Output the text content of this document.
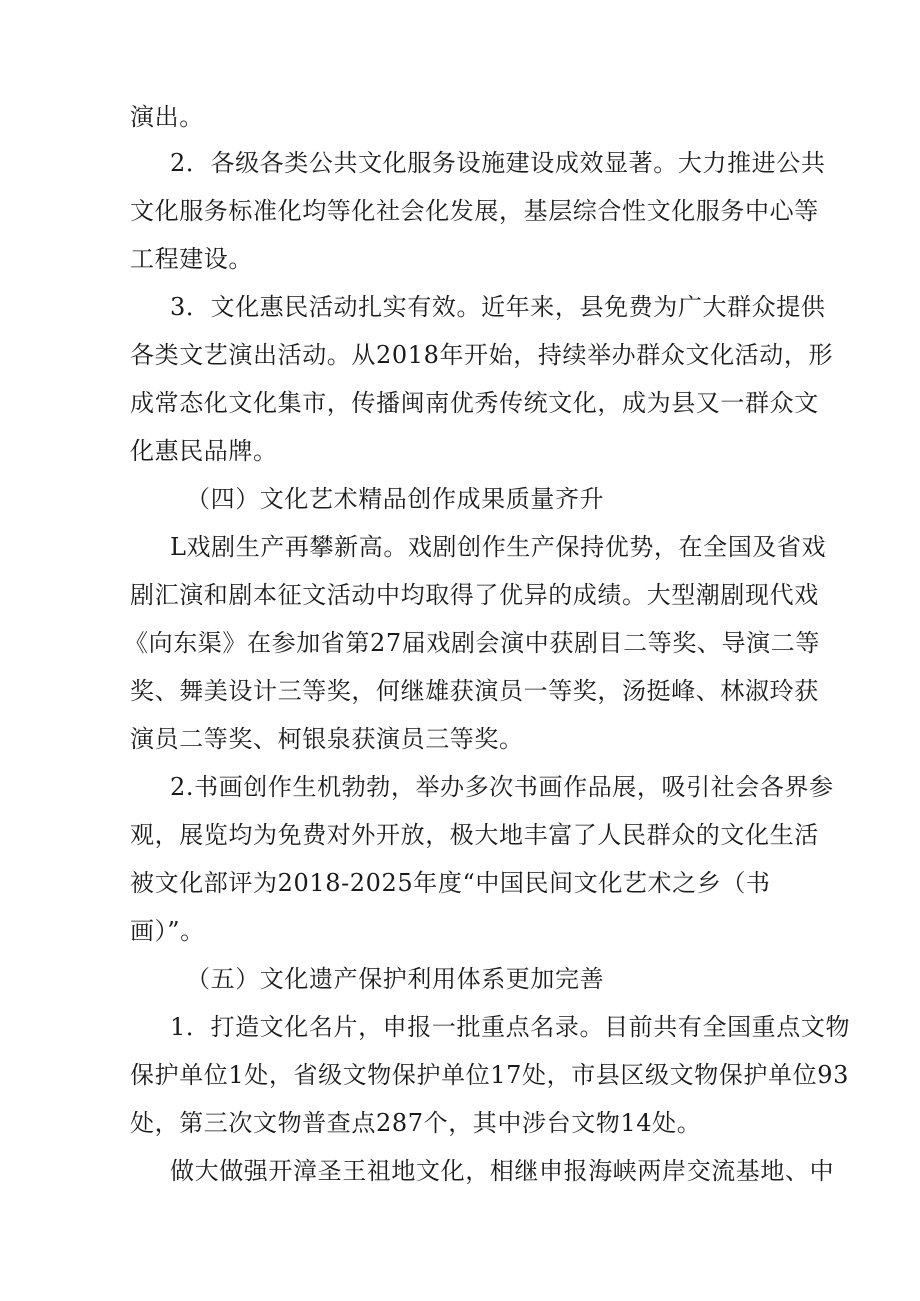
演出。
2．各级各类公共文化服务设施建设成效显著。大力推进公共
文化服务标准化均等化社会化发展，基层综合性文化服务中心等
工程建设。
3．文化惠民活动扎实有效。近年来，县免费为广大群众提供
各类文艺演出活动。从2018年开始，持续举办群众文化活动，形
成常态化文化集市，传播闽南优秀传统文化，成为县又一群众文
化惠民品牌。
（四）文化艺术精品创作成果质量齐升
L戏剧生产再攀新高。戏剧创作生产保持优势，在全国及省戏
剧汇演和剧本征文活动中均取得了优异的成绩。大型潮剧现代戏
《向东渠》在参加省第27届戏剧会演中获剧目二等奖、导演二等
奖、舞美设计三等奖，何继雄获演员一等奖，汤挺峰、林淑玲获
演员二等奖、柯银泉获演员三等奖。
2.书画创作生机勃勃，举办多次书画作品展，吸引社会各界参
观，展览均为免费对外开放，极大地丰富了人民群众的文化生活
被文化部评为2018-2025年度“中国民间文化艺术之乡（书
画）”。
（五）文化遗产保护利用体系更加完善
1．打造文化名片，申报一批重点名录。目前共有全国重点文物
保护单位1处，省级文物保护单位17处，市县区级文物保护单位93
处，第三次文物普查点287个，其中涉台文物14处。
做大做强开漳圣王祖地文化，相继申报海峡两岸交流基地、中
